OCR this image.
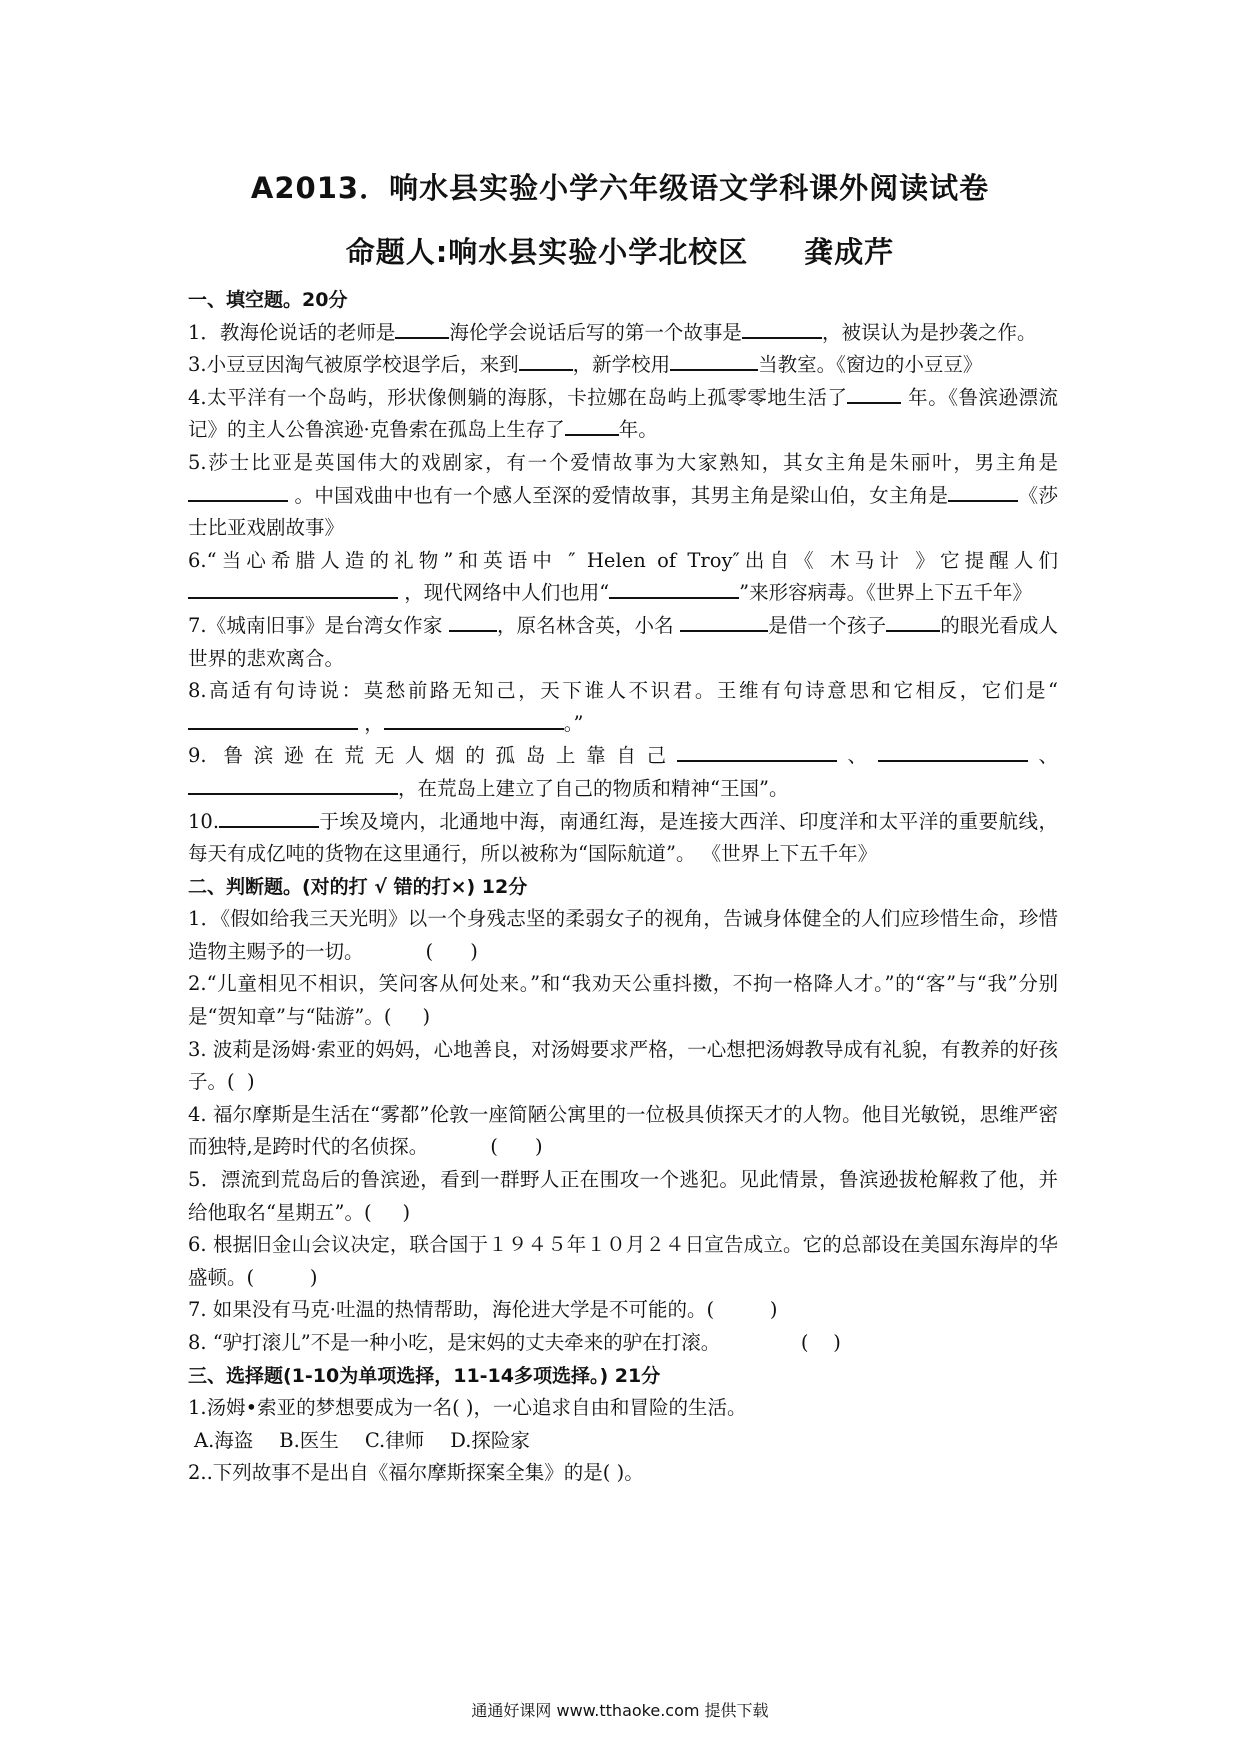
A2013．响水县实验小学六年级语文学科课外阅读试卷
命题人:响水县实验小学北校区 龚成芹
一、填空题。20分
1．教海伦说话的老师是	海伦学会说话后写的第一个故事是	，被误认为是抄袭之作。
3.小豆豆因淘气被原学校退学后，来到	，新学校用	当教室。《窗边的小豆豆》
4.太平洋有一个岛屿，形状像侧躺的海豚，卡拉娜在岛屿上孤零零地生活了	年。《鲁滨逊漂流记》的主人公鲁滨逊·克鲁索在孤岛上生存了	年。
5.莎士比亚是英国伟大的戏剧家，有一个爱情故事为大家熟知，其女主角是朱丽叶，男主角是 。中国戏曲中也有一个感人至深的爱情故事，其男主角是梁山伯，女主角是	《莎士比亚戏剧故事》
6.“当心希腊人造的礼物”和英语中 ″ Helen of Troy″出自《 木马计 》它提醒人们  ，现代网络中人们也用“	”来形容病毒。《世界上下五千年》
7.《城南旧事》是台湾女作家 ，原名林含英，小名	是借一个孩子	的眼光看成人世界的悲欢离合。
8.高适有句诗说：莫愁前路无知己，天下谁人不识君。王维有句诗意思和它相反，它们是“ ，	。”
9. 鲁滨逊在荒无人烟的孤岛上靠自己	、	、，在荒岛上建立了自己的物质和精神“王国”。
10.	于埃及境内，北通地中海，南通红海，是连接大西洋、印度洋和太平洋的重要航线，每天有成亿吨的货物在这里通行，所以被称为“国际航道”。 《世界上下五千年》
二、判断题。(对的打 √ 错的打×) 12分
1．《假如给我三天光明》以一个身残志坚的柔弱女子的视角，告诫身体健全的人们应珍惜生命，珍惜造物主赐予的一切。          (      )
2.“儿童相见不相识，笑问客从何处来。”和“我劝天公重抖擞，不拘一格降人才。”的“客”与“我”分别是“贺知章”与“陆游”。(     )
3. 波莉是汤姆·索亚的妈妈，心地善良，对汤姆要求严格，一心想把汤姆教导成有礼貌，有教养的好孩子。(  )
4. 福尔摩斯是生活在“雾都”伦敦一座简陋公寓里的一位极具侦探天才的人物。他目光敏锐，思维严密而独特,是跨时代的名侦探。          (      )
5．漂流到荒岛后的鲁滨逊，看到一群野人正在围攻一个逃犯。见此情景，鲁滨逊拔枪解救了他，并给他取名“星期五”。(     )
6. 根据旧金山会议决定，联合国于１９４５年１０月２４日宣告成立。它的总部设在美国东海岸的华盛顿。(         )
7. 如果没有马克·吐温的热情帮助，海伦进大学是不可能的。(         )
8. “驴打滚儿”不是一种小吃，是宋妈的丈夫牵来的驴在打滚。             (    )
三、选择题(1-10为单项选择，11-14多项选择。) 21分
1.汤姆•索亚的梦想要成为一名( )，一心追求自由和冒险的生活。
A.海盗 B.医生 C.律师 D.探险家
2..下列故事不是出自《福尔摩斯探案全集》的是( )。
通通好课网 www.tthaoke.com 提供下载
